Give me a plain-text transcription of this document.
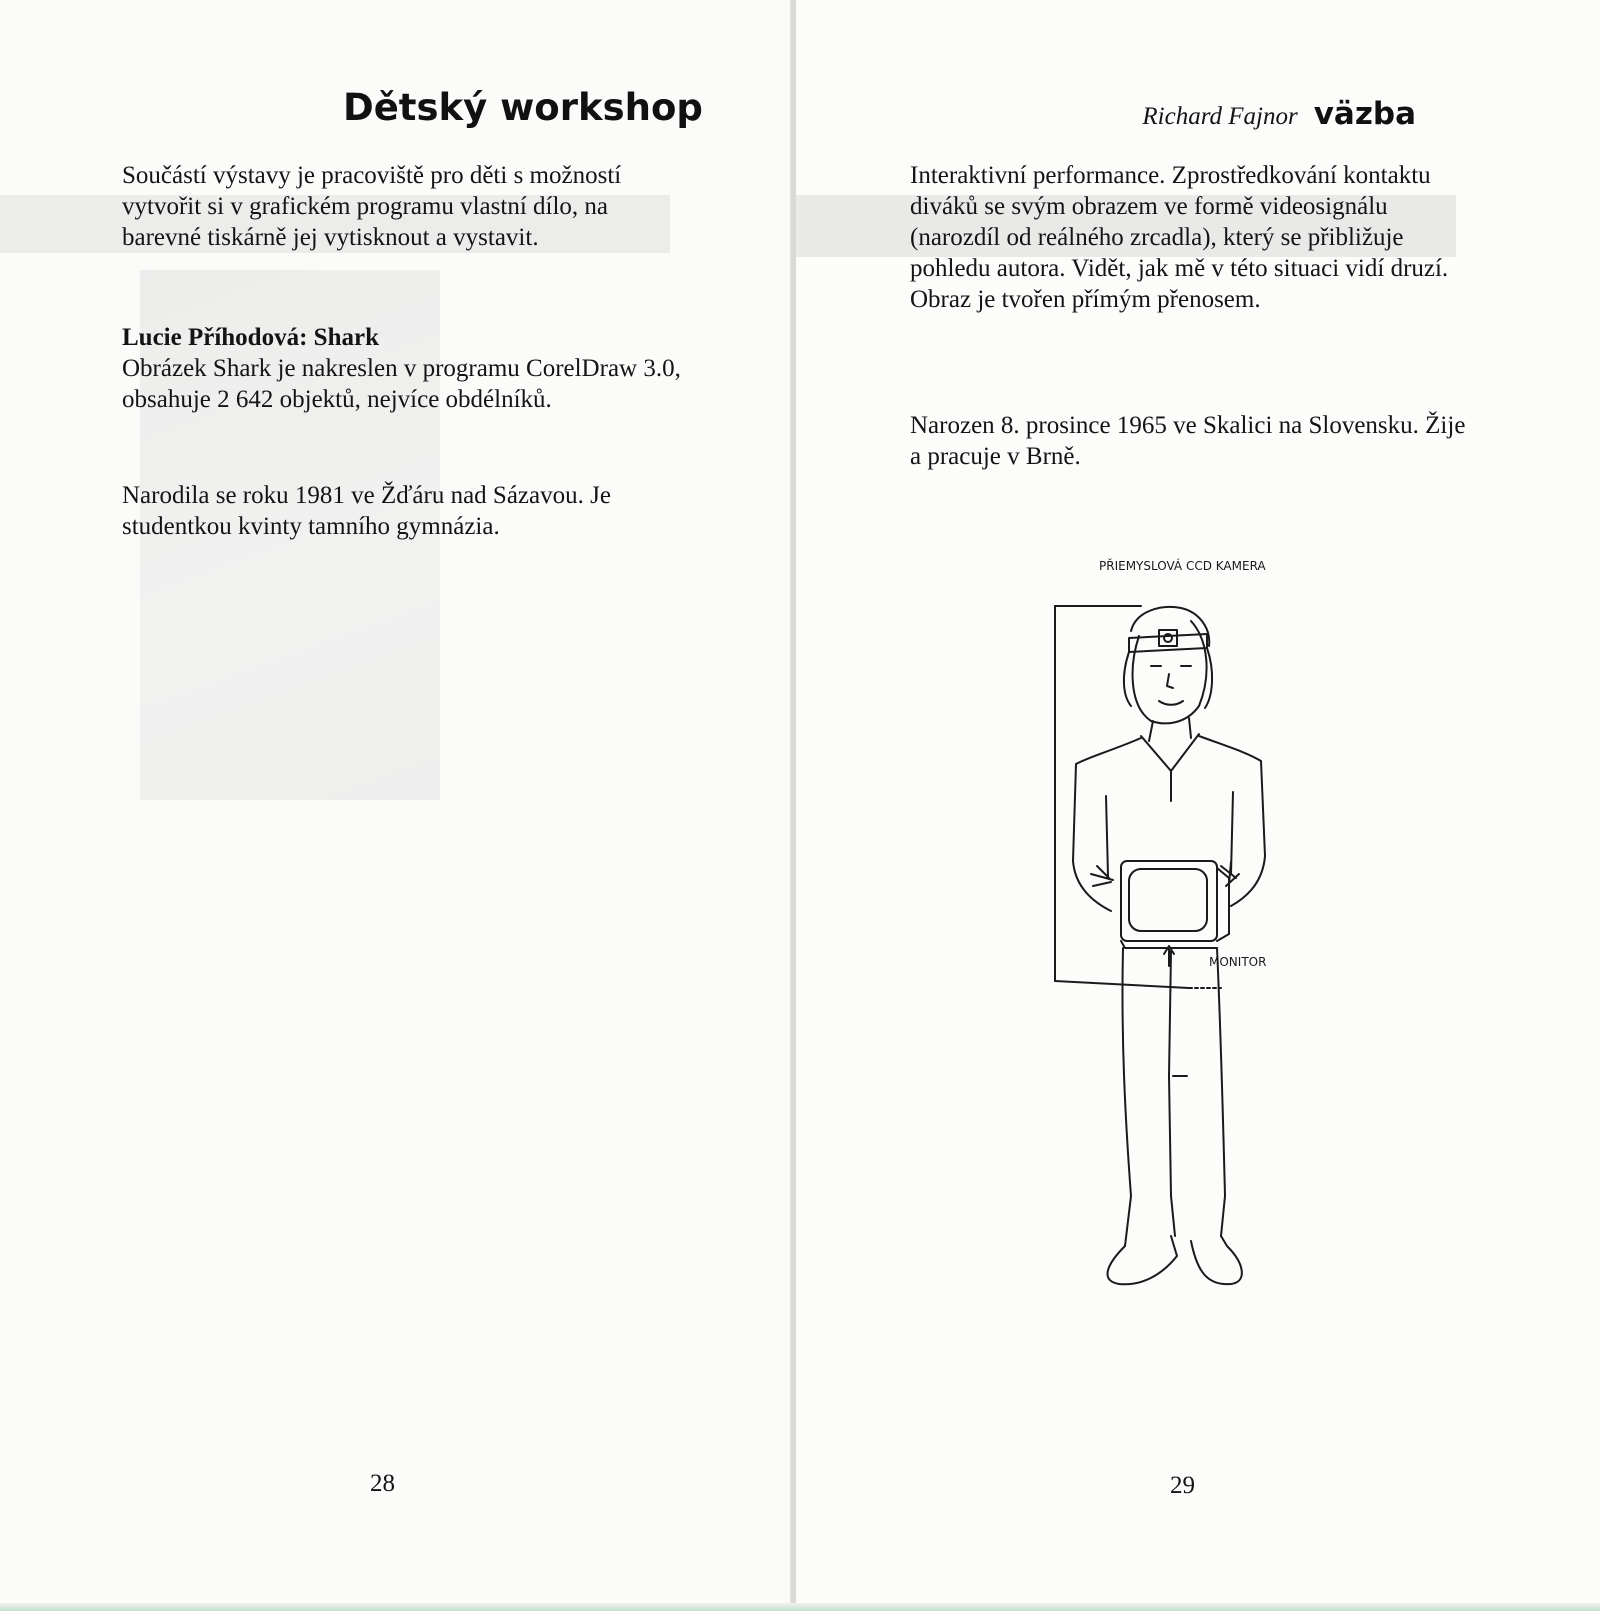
Dětský workshop

Součástí výstavy je pracoviště pro děti s možností vytvořit si v grafickém programu vlastní dílo, na barevné tiskárně jej vytisknout a vystavit.

Lucie Příhodová: Shark

Obrázek Shark je nakreslen v programu CorelDraw 3.0, obsahuje 2 642 objektů, nejvíce obdélníků.

Narodila se roku 1981 ve Žďáru nad Sázavou. Je studentkou kvinty tamního gymnázia.

28
Richard Fajnor väzba

Interaktivní performance. Zprostředkování kontaktu diváků se svým obrazem ve formě videosignálu (narozdíl od reálného zrcadla), který se přibližuje pohledu autora. Vidět, jak mě v této situaci vidí druzí. Obraz je tvořen přímým přenosem.

Narozen 8. prosince 1965 ve Skalici na Slovensku. Žije a pracuje v Brně.

PŘIEMYSLOVÁ CCD KAMERA
MONITOR
29
